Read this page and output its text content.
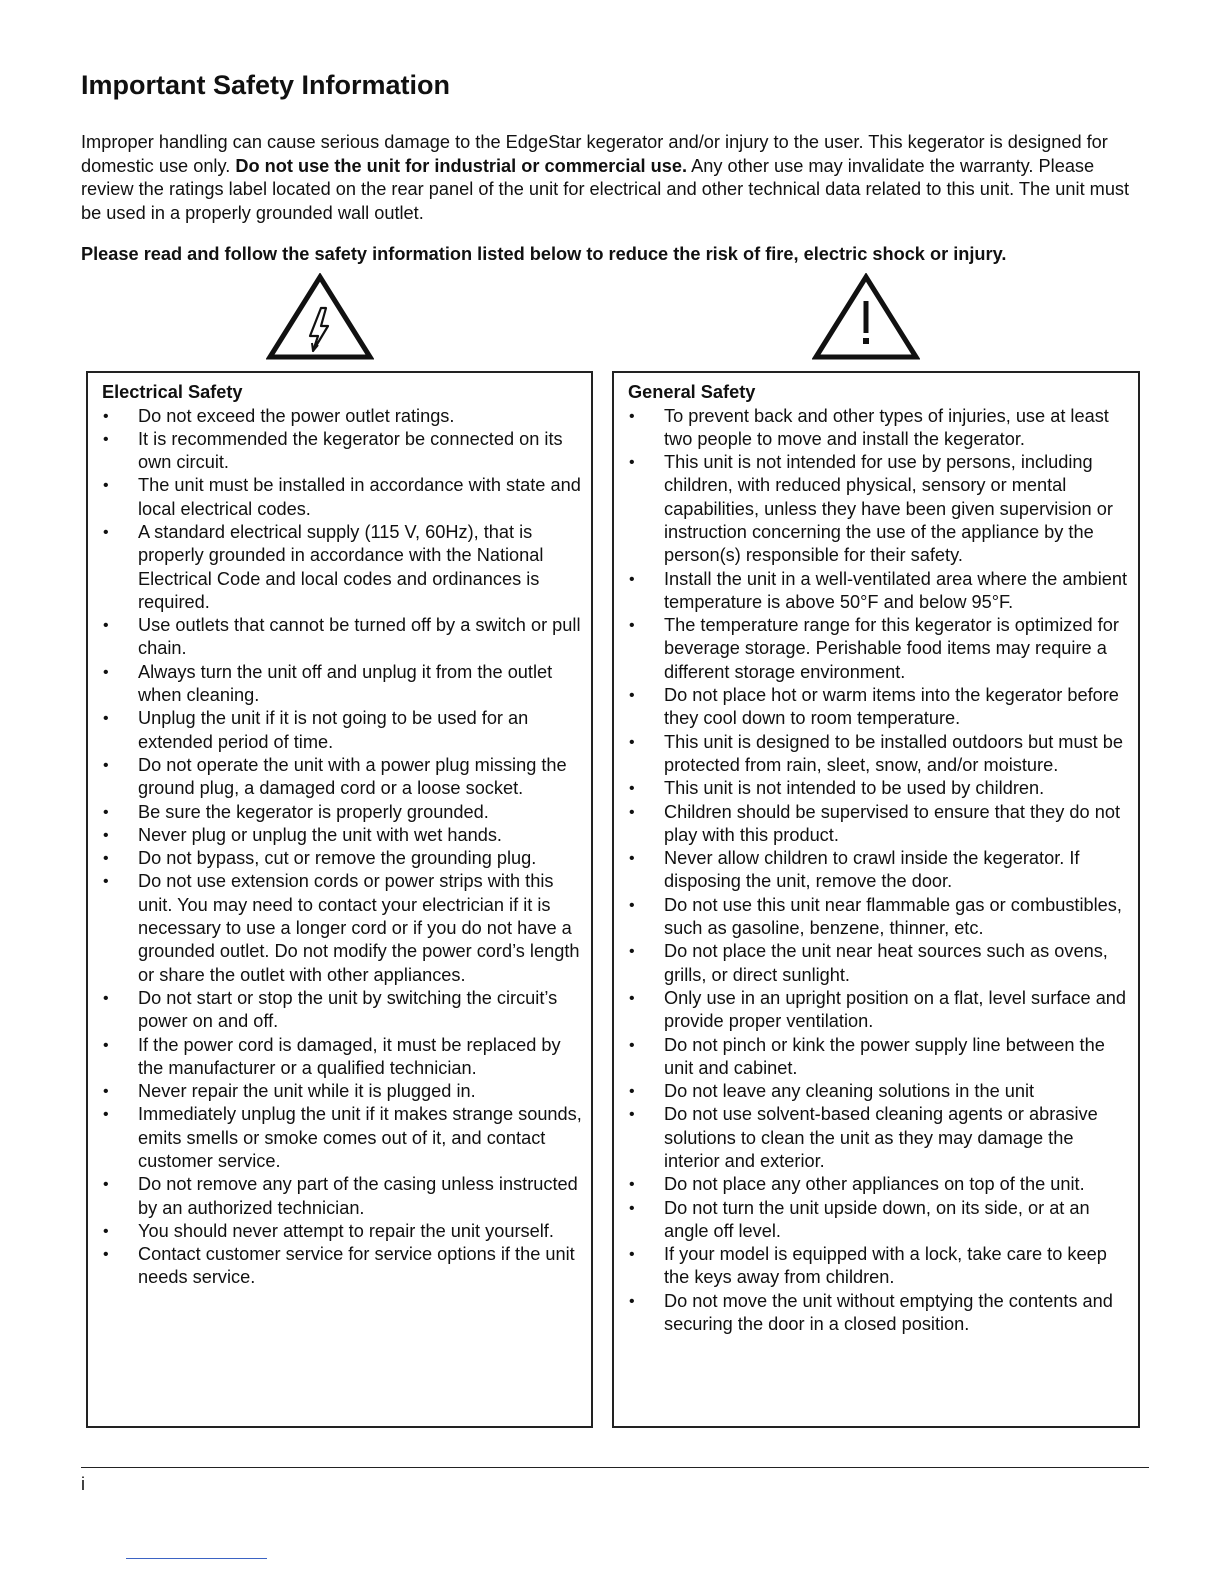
Important Safety Information

Improper handling can cause serious damage to the EdgeStar kegerator and/or injury to the user. This kegerator is designed for domestic use only. Do not use the unit for industrial or commercial use. Any other use may invalidate the warranty. Please review the ratings label located on the rear panel of the unit for electrical and other technical data related to this unit. The unit must be used in a properly grounded wall outlet.

Please read and follow the safety information listed below to reduce the risk of fire, electric shock or injury.

Electrical Safety
• Do not exceed the power outlet ratings.
• It is recommended the kegerator be connected on its own circuit.
• The unit must be installed in accordance with state and local electrical codes.
• A standard electrical supply (115 V, 60Hz), that is properly grounded in accordance with the National Electrical Code and local codes and ordinances is required.
• Use outlets that cannot be turned off by a switch or pull chain.
• Always turn the unit off and unplug it from the outlet when cleaning.
• Unplug the unit if it is not going to be used for an extended period of time.
• Do not operate the unit with a power plug missing the ground plug, a damaged cord or a loose socket.
• Be sure the kegerator is properly grounded.
• Never plug or unplug the unit with wet hands.
• Do not bypass, cut or remove the grounding plug.
• Do not use extension cords or power strips with this unit. You may need to contact your electrician if it is necessary to use a longer cord or if you do not have a grounded outlet. Do not modify the power cord’s length or share the outlet with other appliances.
• Do not start or stop the unit by switching the circuit’s power on and off.
• If the power cord is damaged, it must be replaced by the manufacturer or a qualified technician.
• Never repair the unit while it is plugged in.
• Immediately unplug the unit if it makes strange sounds, emits smells or smoke comes out of it, and contact customer service.
• Do not remove any part of the casing unless instructed by an authorized technician.
• You should never attempt to repair the unit yourself.
• Contact customer service for service options if the unit needs service.
General Safety
• To prevent back and other types of injuries, use at least two people to move and install the kegerator.
• This unit is not intended for use by persons, including children, with reduced physical, sensory or mental capabilities, unless they have been given supervision or instruction concerning the use of the appliance by the person(s) responsible for their safety.
• Install the unit in a well-ventilated area where the ambient temperature is above 50°F and below 95°F.
• The temperature range for this kegerator is optimized for beverage storage. Perishable food items may require a different storage environment.
• Do not place hot or warm items into the kegerator before they cool down to room temperature.
• This unit is designed to be installed outdoors but must be protected from rain, sleet, snow, and/or moisture.
• This unit is not intended to be used by children.
• Children should be supervised to ensure that they do not play with this product.
• Never allow children to crawl inside the kegerator. If disposing the unit, remove the door.
• Do not use this unit near flammable gas or combustibles, such as gasoline, benzene, thinner, etc.
• Do not place the unit near heat sources such as ovens, grills, or direct sunlight.
• Only use in an upright position on a flat, level surface and provide proper ventilation.
• Do not pinch or kink the power supply line between the unit and cabinet.
• Do not leave any cleaning solutions in the unit
• Do not use solvent-based cleaning agents or abrasive solutions to clean the unit as they may damage the interior and exterior.
• Do not place any other appliances on top of the unit.
• Do not turn the unit upside down, on its side, or at an angle off level.
• If your model is equipped with a lock, take care to keep the keys away from children.
• Do not move the unit without emptying the contents and securing the door in a closed position.
i
